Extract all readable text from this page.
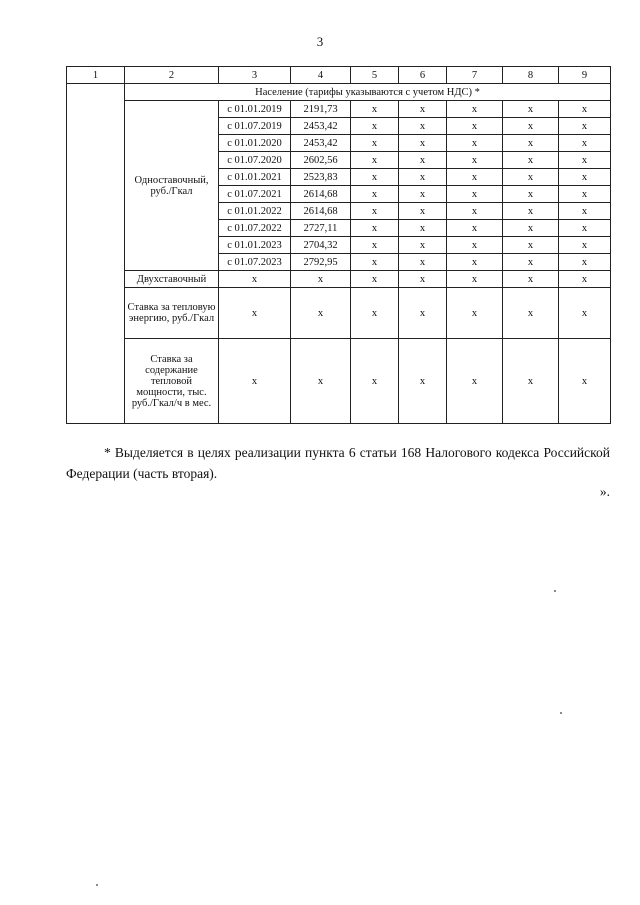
3
1	2	3	4	5	6	7	8	9
	Население (тарифы указываются с учетом НДС) *							
	Одноставочный, руб./Гкал	с 01.01.2019	2191,73	x	x	x	x	x
		с 01.07.2019	2453,42	x	x	x	x	x
		с 01.01.2020	2453,42	x	x	x	x	x
		с 01.07.2020	2602,56	x	x	x	x	x
		с 01.01.2021	2523,83	x	x	x	x	x
		с 01.07.2021	2614,68	x	x	x	x	x
		с 01.01.2022	2614,68	x	x	x	x	x
		с 01.07.2022	2727,11	x	x	x	x	x
		с 01.01.2023	2704,32	x	x	x	x	x
		с 01.07.2023	2792,95	x	x	x	x	x
	Двухставочный	x	x	x	x	x	x	x
	Ставка за тепловую энергию, руб./Гкал	x	x	x	x	x	x	x
	Ставка за содержание тепловой мощности, тыс. руб./Гкал/ч в мес.	x	x	x	x	x	x	x
* Выделяется в целях реализации пункта 6 статьи 168 Налогового кодекса Российской Федерации (часть вторая).
».
